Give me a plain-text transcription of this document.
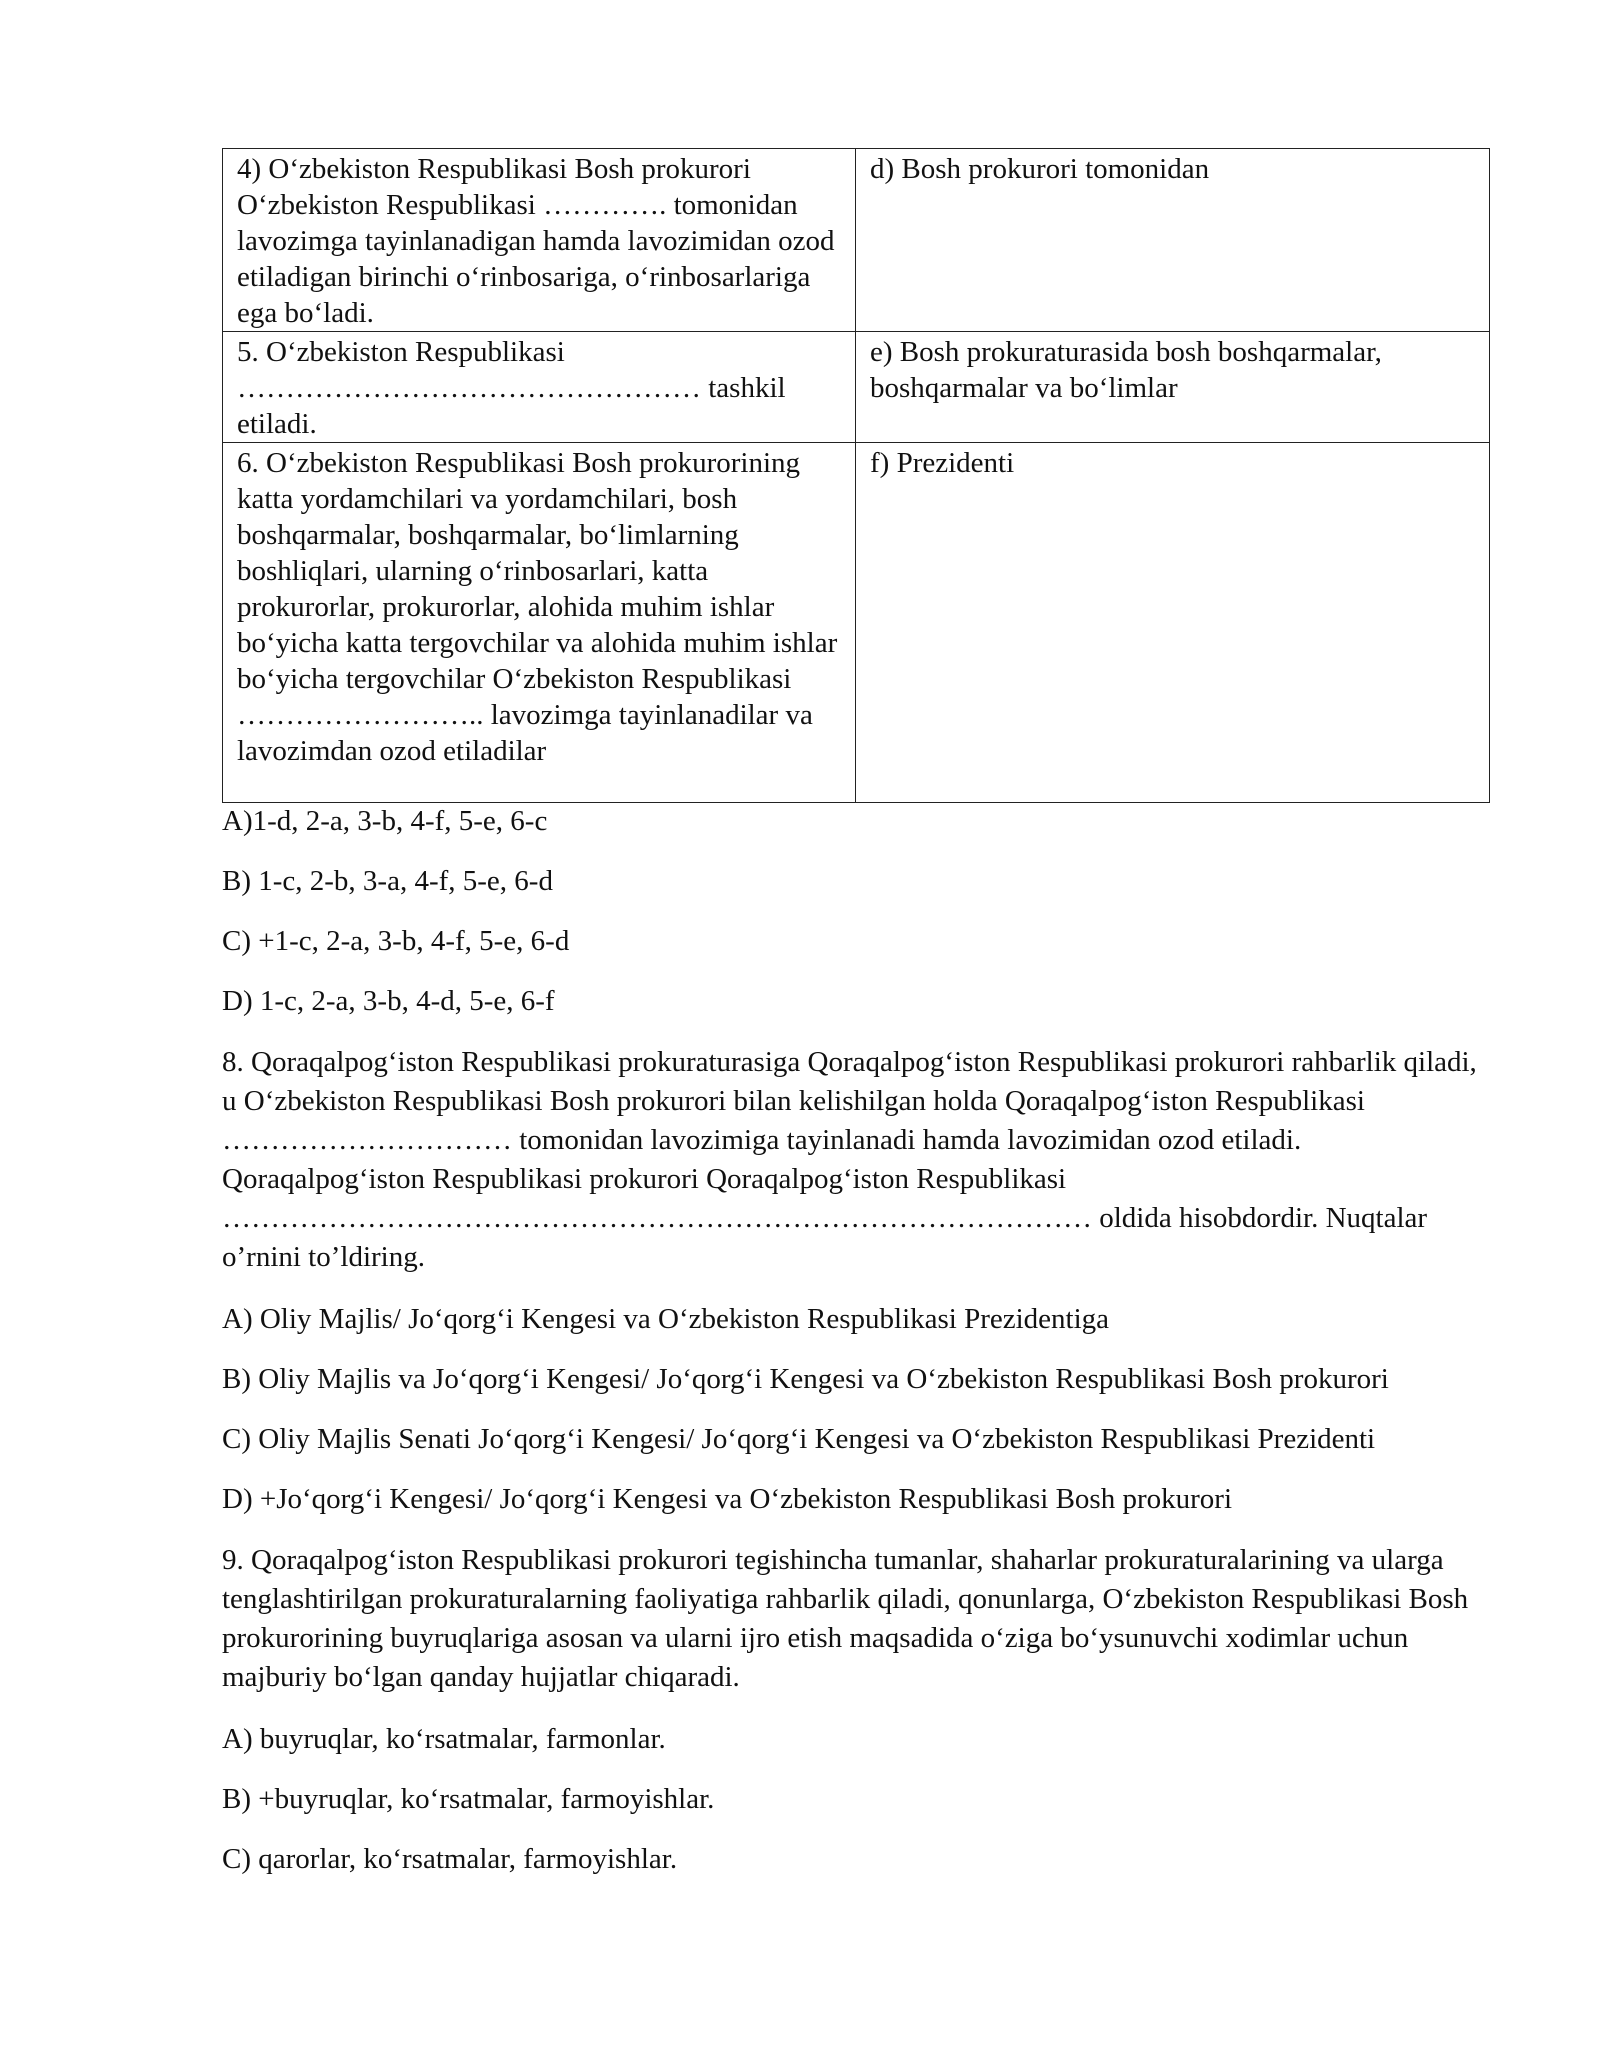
4) O‘zbekiston Respublikasi Bosh prokurori O‘zbekiston Respublikasi …………. tomonidan lavozimga tayinlanadigan hamda lavozimidan ozod etiladigan birinchi o‘rinbosariga, o‘rinbosarlariga ega bo‘ladi.	d) Bosh prokurori tomonidan
5. O‘zbekiston Respublikasi ………………………………………… tashkil etiladi.	e) Bosh prokuraturasida bosh boshqarmalar, boshqarmalar va bo‘limlar
6. O‘zbekiston Respublikasi Bosh prokurorining katta yordamchilari va yordamchilari, bosh boshqarmalar, boshqarmalar, bo‘limlarning boshliqlari, ularning o‘rinbosarlari, katta prokurorlar, prokurorlar, alohida muhim ishlar bo‘yicha katta tergovchilar va alohida muhim ishlar bo‘yicha tergovchilar O‘zbekiston Respublikasi …………………….. lavozimga tayinlanadilar va lavozimdan ozod etiladilar	f) Prezidenti

A)1-d, 2-a, 3-b, 4-f, 5-e, 6-c

B) 1-c, 2-b, 3-a, 4-f, 5-e, 6-d

C) +1-c, 2-a, 3-b, 4-f, 5-e, 6-d

D) 1-c, 2-a, 3-b, 4-d, 5-e, 6-f

8. Qoraqalpog‘iston Respublikasi prokuraturasiga Qoraqalpog‘iston Respublikasi prokurori rahbarlik qiladi, u O‘zbekiston Respublikasi Bosh prokurori bilan kelishilgan holda Qoraqalpog‘iston Respublikasi ………………………… tomonidan lavozimiga tayinlanadi hamda lavozimidan ozod etiladi. Qoraqalpog‘iston Respublikasi prokurori Qoraqalpog‘iston Respublikasi ……………………………………………………………………………… oldida hisobdordir. Nuqtalar o’rnini to’ldiring.

A) Oliy Majlis/ Jo‘qorg‘i Kengesi va O‘zbekiston Respublikasi Prezidentiga

B) Oliy Majlis va Jo‘qorg‘i Kengesi/ Jo‘qorg‘i Kengesi va O‘zbekiston Respublikasi Bosh prokurori

C) Oliy Majlis Senati Jo‘qorg‘i Kengesi/ Jo‘qorg‘i Kengesi va O‘zbekiston Respublikasi Prezidenti

D) +Jo‘qorg‘i Kengesi/ Jo‘qorg‘i Kengesi va O‘zbekiston Respublikasi Bosh prokurori

9. Qoraqalpog‘iston Respublikasi prokurori tegishincha tumanlar, shaharlar prokuraturalarining va ularga tenglashtirilgan prokuraturalarning faoliyatiga rahbarlik qiladi, qonunlarga, O‘zbekiston Respublikasi Bosh prokurorining buyruqlariga asosan va ularni ijro etish maqsadida o‘ziga bo‘ysunuvchi xodimlar uchun majburiy bo‘lgan qanday hujjatlar chiqaradi.

A) buyruqlar, ko‘rsatmalar, farmonlar.

B) +buyruqlar, ko‘rsatmalar, farmoyishlar.

C) qarorlar, ko‘rsatmalar, farmoyishlar.
